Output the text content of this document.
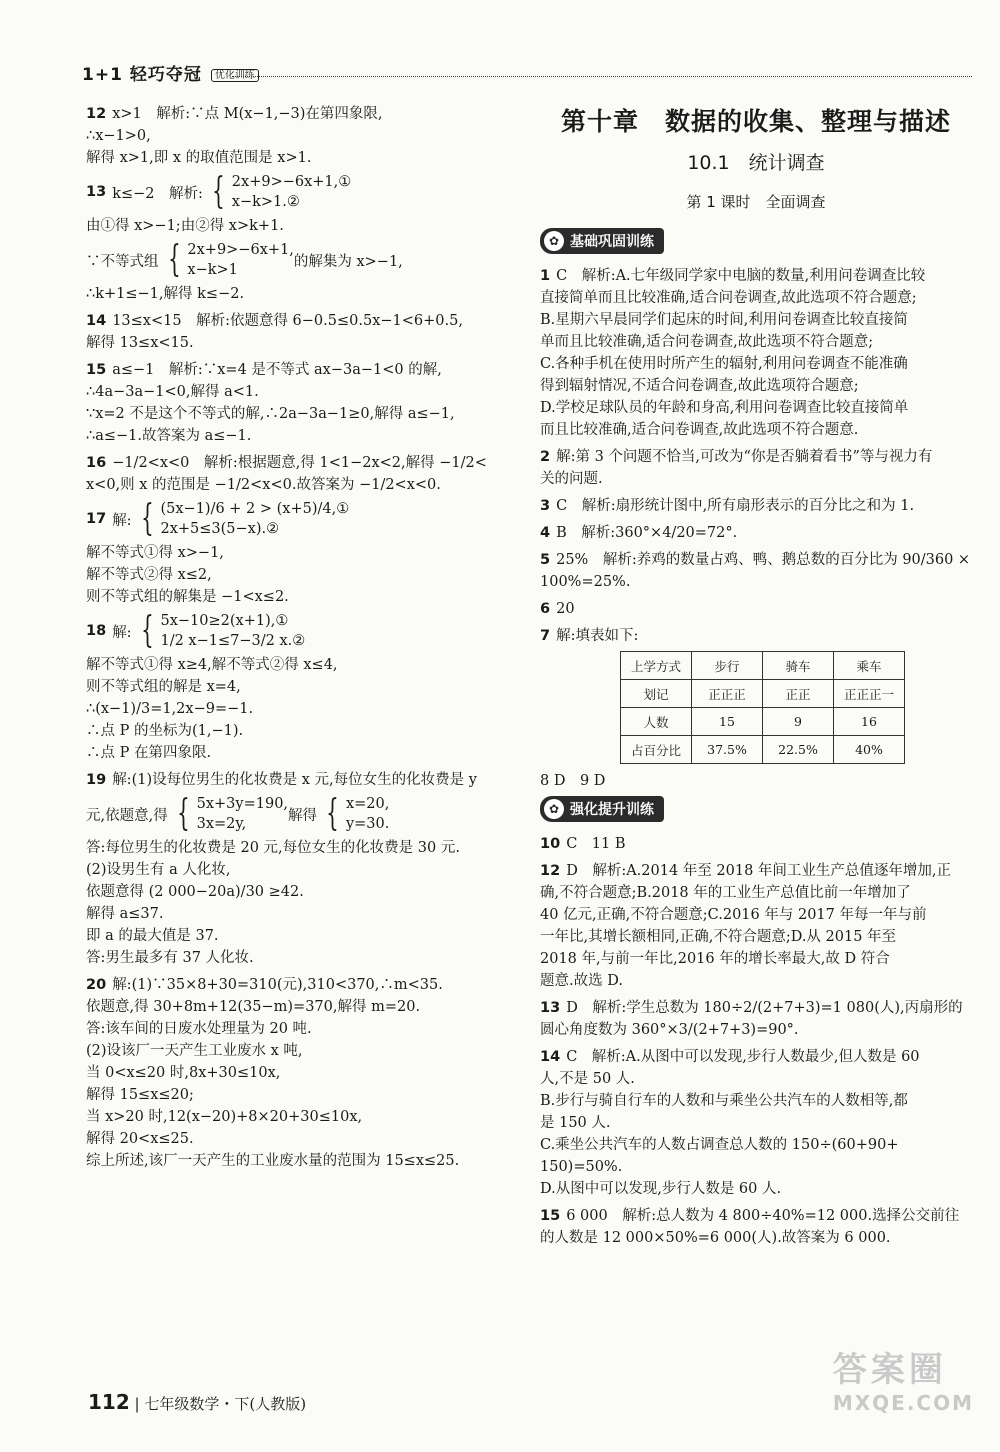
1+1 轻巧夺冠 $^{优化训练}$
12 x>1　解析:∵点 M(x−1,−3)在第四象限,
∴x−1>0,
解得 x>1,即 x 的取值范围是 x>1.
13 k≤−2　解析: { 2x+9>−6x+1,①
x−k>1.②
由①得 x>−1;由②得 x>k+1.
∵不等式组 { 2x+9>−6x+1,
x−k>1
的解集为 x>−1,
∴k+1≤−1,解得 k≤−2.
14 13≤x<15　解析:依题意得 6−0.5≤0.5x−1<6+0.5,
解得 13≤x<15.
15 a≤−1　解析:∵x=4 是不等式 ax−3a−1<0 的解,
∴4a−3a−1<0,解得 a<1.
∵x=2 不是这个不等式的解,∴2a−3a−1≥0,解得 a≤−1,
∴a≤−1.故答案为 a≤−1.
16 −1/2<x<0　解析:根据题意,得 1<1−2x<2,解得 −1/2<
x<0,则 x 的范围是 −1/2<x<0.故答案为 −1/2<x<0.
17 解: { (5x−1)/6 + 2 > (x+5)/4,①
2x+5≤3(5−x).②
解不等式①得 x>−1,
解不等式②得 x≤2,
则不等式组的解集是 −1<x≤2.
18 解: { 5x−10≥2(x+1),①
1/2 x−1≤7−3/2 x.②
解不等式①得 x≥4,解不等式②得 x≤4,
则不等式组的解是 x=4,
∴(x−1)/3=1,2x−9=−1.
∴点 P 的坐标为(1,−1).
∴点 P 在第四象限.
19 解:(1)设每位男生的化妆费是 x 元,每位女生的化妆费是 y
元,依题意,得 { 5x+3y=190,
3x=2y,
解得 { x=20,
y=30.
答:每位男生的化妆费是 20 元,每位女生的化妆费是 30 元.
(2)设男生有 a 人化妆,
依题意得 (2 000−20a)/30 ≥42.
解得 a≤37.
即 a 的最大值是 37.
答:男生最多有 37 人化妆.
20 解:(1)∵35×8+30=310(元),310<370,∴m<35.
依题意,得 30+8m+12(35−m)=370,解得 m=20.
答:该车间的日废水处理量为 20 吨.
(2)设该厂一天产生工业废水 x 吨,
当 0<x≤20 时,8x+30≤10x,
解得 15≤x≤20;
当 x>20 时,12(x−20)+8×20+30≤10x,
解得 20<x≤25.
综上所述,该厂一天产生的工业废水量的范围为 15≤x≤25.
第十章　数据的收集、整理与描述
10.1　统计调查
第 1 课时　全面调查
✿ 基础巩固训练
1 C　解析:A.七年级同学家中电脑的数量,利用问卷调查比较
直接简单而且比较准确,适合问卷调查,故此选项不符合题意;
B.星期六早晨同学们起床的时间,利用问卷调查比较直接简
单而且比较准确,适合问卷调查,故此选项不符合题意;
C.各种手机在使用时所产生的辐射,利用问卷调查不能准确
得到辐射情况,不适合问卷调查,故此选项符合题意;
D.学校足球队员的年龄和身高,利用问卷调查比较直接简单
而且比较准确,适合问卷调查,故此选项不符合题意.
2 解:第 3 个问题不恰当,可改为“你是否躺着看书”等与视力有
关的问题.
3 C　解析:扇形统计图中,所有扇形表示的百分比之和为 1.
4 B　解析:360°×4/20=72°.
5 25%　解析:养鸡的数量占鸡、鸭、鹅总数的百分比为 90/360 ×
100%=25%.
6 20
7 解:填表如下:
上学方式	步行	骑车	乘车
划记	正正正	正正	正正正一
人数	15	9	16
占百分比	37.5%	22.5%	40%
8 D　9 D
✿ 强化提升训练
10 C　11 B
12 D　解析:A.2014 年至 2018 年间工业生产总值逐年增加,正
确,不符合题意;B.2018 年的工业生产总值比前一年增加了
40 亿元,正确,不符合题意;C.2016 年与 2017 年每一年与前
一年比,其增长额相同,正确,不符合题意;D.从 2015 年至
2018 年,与前一年比,2016 年的增长率最大,故 D 符合
题意.故选 D.
13 D　解析:学生总数为 180÷2/(2+7+3)=1 080(人),丙扇形的
圆心角度数为 360°×3/(2+7+3)=90°.
14 C　解析:A.从图中可以发现,步行人数最少,但人数是 60
人,不是 50 人.
B.步行与骑自行车的人数和与乘坐公共汽车的人数相等,都
是 150 人.
C.乘坐公共汽车的人数占调查总人数的 150÷(60+90+
150)=50%.
D.从图中可以发现,步行人数是 60 人.
15 6 000　解析:总人数为 4 800÷40%=12 000.选择公交前往
的人数是 12 000×50%=6 000(人).故答案为 6 000.
112 | 七年级数学・下(人教版)
答案圈
MXQE.COM
